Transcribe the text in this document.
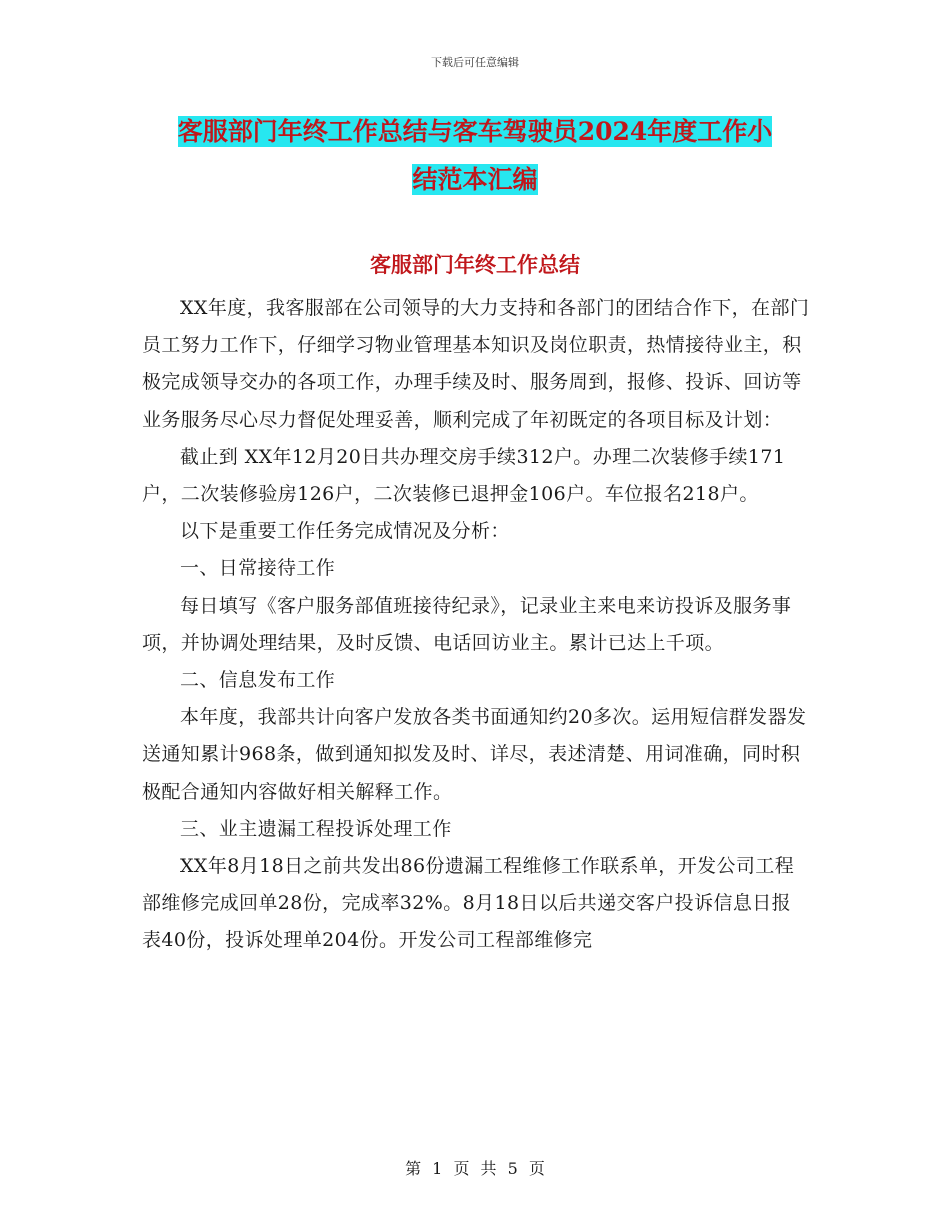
下载后可任意编辑
客服部门年终工作总结与客车驾驶员2024年度工作小
结范本汇编
客服部门年终工作总结

XX年度，我客服部在公司领导的大力支持和各部门的团结合作下，在部门员工努力工作下，仔细学习物业管理基本知识及岗位职责，热情接待业主，积极完成领导交办的各项工作，办理手续及时、服务周到，报修、投诉、回访等业务服务尽心尽力督促处理妥善，顺利完成了年初既定的各项目标及计划：

截止到 XX年12月20日共办理交房手续312户。办理二次装修手续171户，二次装修验房126户，二次装修已退押金106户。车位报名218户。

以下是重要工作任务完成情况及分析：

一、日常接待工作

每日填写《客户服务部值班接待纪录》，记录业主来电来访投诉及服务事项，并协调处理结果，及时反馈、电话回访业主。累计已达上千项。

二、信息发布工作

本年度，我部共计向客户发放各类书面通知约20多次。运用短信群发器发送通知累计968条，做到通知拟发及时、详尽，表述清楚、用词准确，同时积极配合通知内容做好相关解释工作。

三、业主遗漏工程投诉处理工作

XX年8月18日之前共发出86份遗漏工程维修工作联系单，开发公司工程部维修完成回单28份，完成率32%。8月18日以后共递交客户投诉信息日报表40份，投诉处理单204份。开发公司工程部维修完

第 1 页 共 5 页
